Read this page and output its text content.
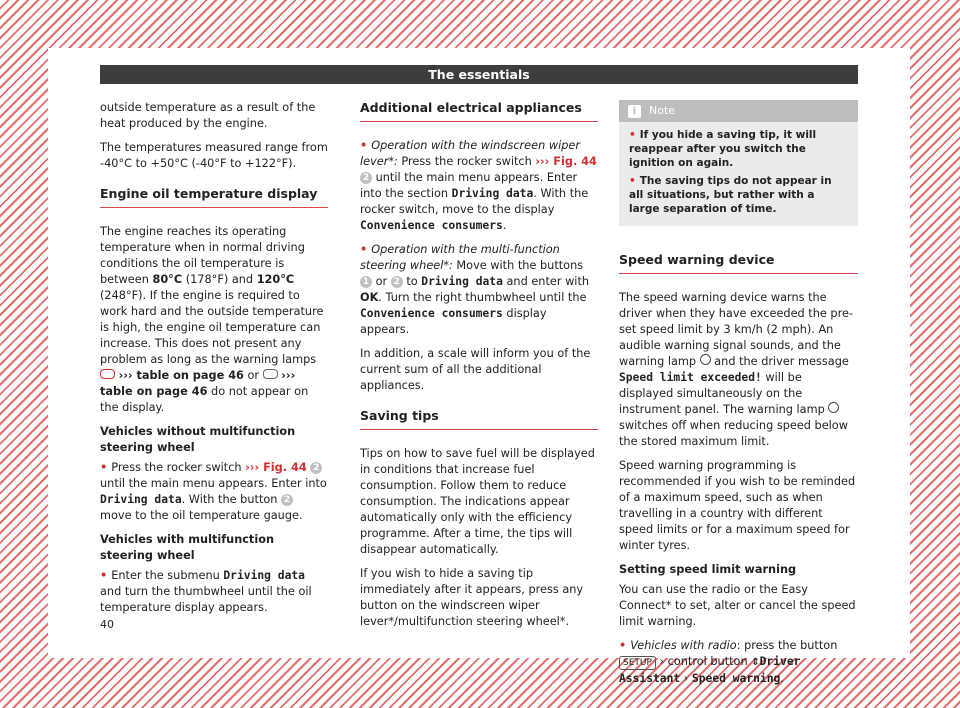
The essentials

outside temperature as a result of the heat produced by the engine.

The temperatures measured range from -40°C to +50°C (-40°F to +122°F).

Engine oil temperature display

The engine reaches its operating temperature when in normal driving conditions the oil temperature is between 80°C (178°F) and 120°C (248°F). If the engine is required to work hard and the outside temperature is high, the engine oil temperature can increase. This does not present any problem as long as the warning lamps  ››› table on page 46 or  ››› table on page 46 do not appear on the display.

Vehicles without multifunction steering wheel

• Press the rocker switch ››› Fig. 44 2 until the main menu appears. Enter into Driving data. With the button 2 move to the oil temperature gauge.

Vehicles with multifunction steering wheel

• Enter the submenu Driving data and turn the thumbwheel until the oil temperature display appears.

Additional electrical appliances

• Operation with the windscreen wiper lever*: Press the rocker switch ››› Fig. 44 2 until the main menu appears. Enter into the section Driving data. With the rocker switch, move to the display Convenience consumers.

• Operation with the multi-function steering wheel*: Move with the buttons 1 or 2 to Driving data and enter with OK. Turn the right thumbwheel until the Convenience consumers display appears.

In addition, a scale will inform you of the current sum of all the additional appliances.

Saving tips

Tips on how to save fuel will be displayed in conditions that increase fuel consumption. Follow them to reduce consumption. The indications appear automatically only with the efficiency programme. After a time, the tips will disappear automatically.

If you wish to hide a saving tip immediately after it appears, press any button on the windscreen wiper lever*/multifunction steering wheel*.

i Note

• If you hide a saving tip, it will reappear after you switch the ignition on again.

• The saving tips do not appear in all situations, but rather with a large separation of time.

Speed warning device

The speed warning device warns the driver when they have exceeded the pre-set speed limit by 3 km/h (2 mph). An audible warning signal sounds, and the warning lamp  and the driver message Speed limit exceeded! will be displayed simultaneously on the instrument panel. The warning lamp  switches off when reducing speed below the stored maximum limit.

Speed warning programming is recommended if you wish to be reminded of a maximum speed, such as when travelling in a country with different speed limits or for a maximum speed for winter tyres.

Setting speed limit warning

You can use the radio or the Easy Connect* to set, alter or cancel the speed limit warning.

• Vehicles with radio: press the button SETUP › control button ⇕Driver Assistant › Speed warning.

40
